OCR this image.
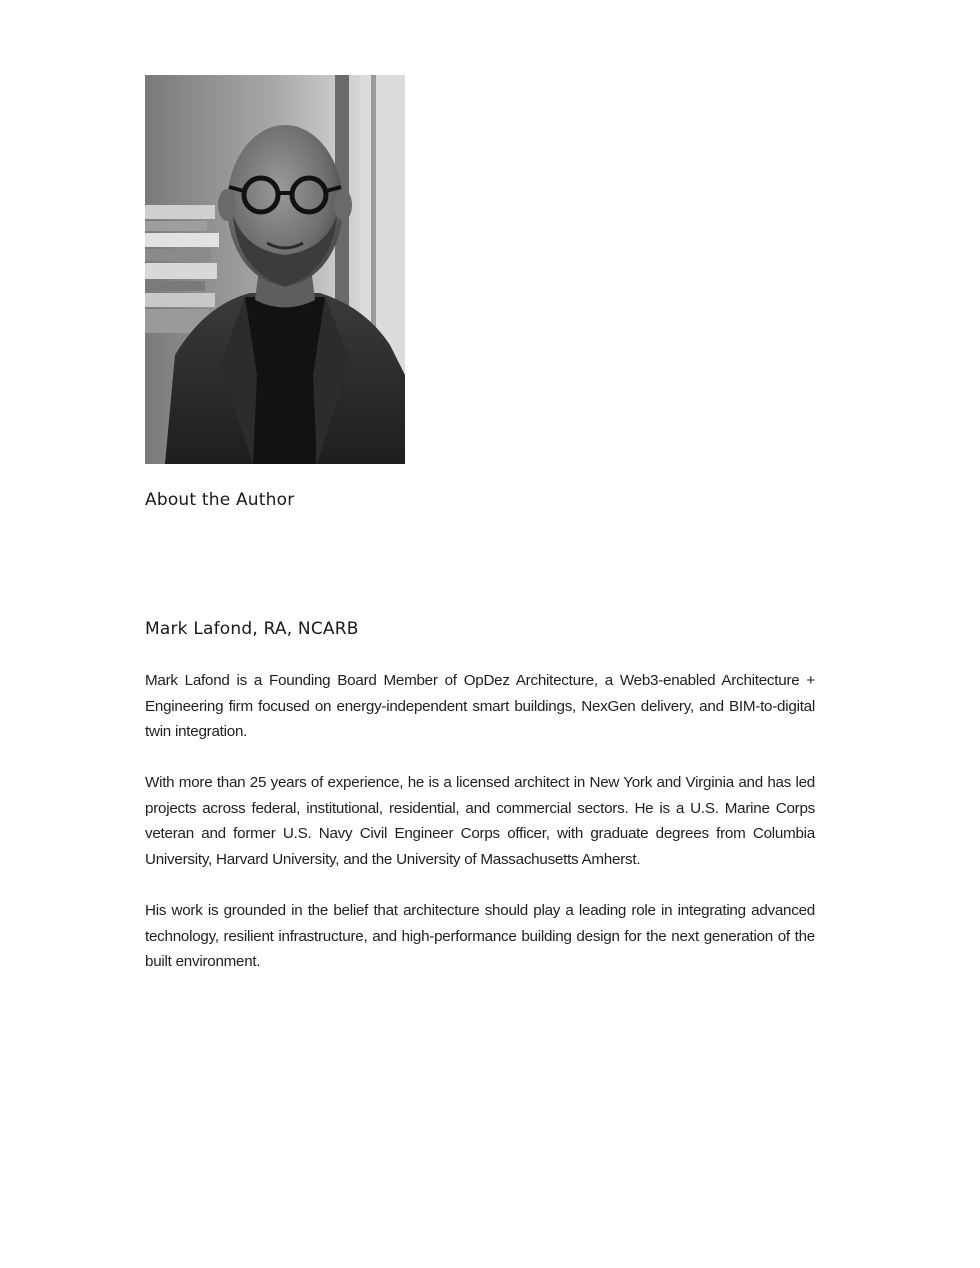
About the Author
Mark Lafond, RA, NCARB

Mark Lafond is a Founding Board Member of OpDez Architecture, a Web3-enabled Architecture + Engineering firm focused on energy-independent smart buildings, NexGen delivery, and BIM-to-digital twin integration.

With more than 25 years of experience, he is a licensed architect in New York and Virginia and has led projects across federal, institutional, residential, and commercial sectors. He is a U.S. Marine Corps veteran and former U.S. Navy Civil Engineer Corps officer, with graduate degrees from Columbia University, Harvard University, and the University of Massachusetts Amherst.

His work is grounded in the belief that architecture should play a leading role in integrating advanced technology, resilient infrastructure, and high-performance building design for the next generation of the built environment.
